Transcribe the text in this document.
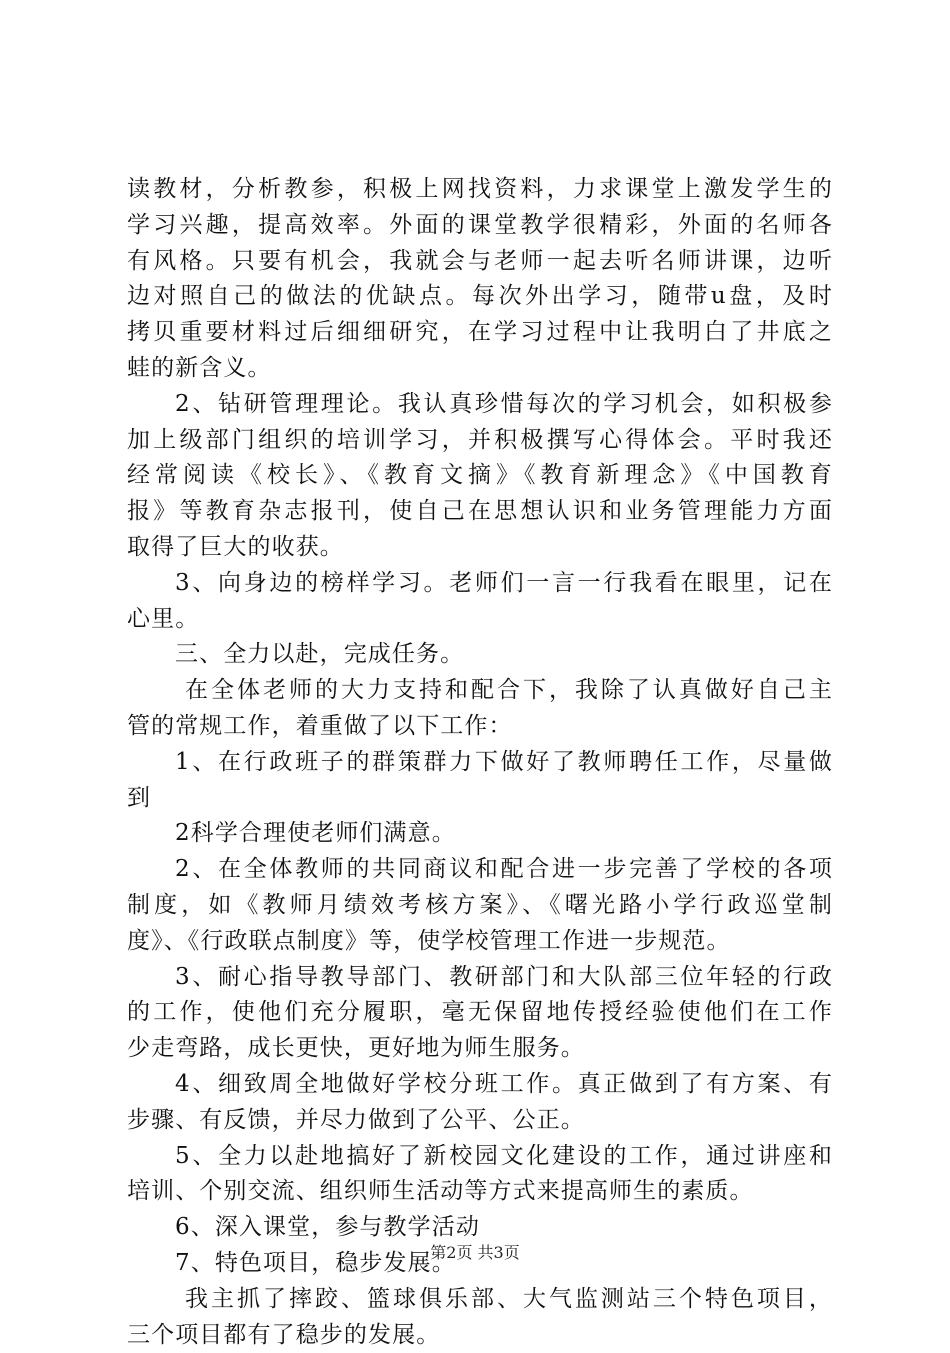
读教材，分析教参，积极上网找资料，力求课堂上激发学生的
学习兴趣，提高效率。外面的课堂教学很精彩，外面的名师各
有风格。只要有机会，我就会与老师一起去听名师讲课，边听
边对照自己的做法的优缺点。每次外出学习，随带u盘，及时
拷贝重要材料过后细细研究，在学习过程中让我明白了井底之
蛙的新含义。
2、钻研管理理论。我认真珍惜每次的学习机会，如积极参
加上级部门组织的培训学习，并积极撰写心得体会。平时我还
经常阅读《校长》、《教育文摘》《教育新理念》《中国教育
报》等教育杂志报刊，使自己在思想认识和业务管理能力方面
取得了巨大的收获。
3、向身边的榜样学习。老师们一言一行我看在眼里，记在
心里。
三、全力以赴，完成任务。
在全体老师的大力支持和配合下，我除了认真做好自己主
管的常规工作，着重做了以下工作：
1、在行政班子的群策群力下做好了教师聘任工作，尽量做
到
2科学合理使老师们满意。
2、在全体教师的共同商议和配合进一步完善了学校的各项
制度，如《教师月绩效考核方案》、《曙光路小学行政巡堂制
度》、《行政联点制度》等，使学校管理工作进一步规范。
3、耐心指导教导部门、教研部门和大队部三位年轻的行政
的工作，使他们充分履职，毫无保留地传授经验使他们在工作
少走弯路，成长更快，更好地为师生服务。
4、细致周全地做好学校分班工作。真正做到了有方案、有
步骤、有反馈，并尽力做到了公平、公正。
5、全力以赴地搞好了新校园文化建设的工作，通过讲座和
培训、个别交流、组织师生活动等方式来提高师生的素质。
6、深入课堂，参与教学活动
7、特色项目，稳步发展。
我主抓了摔跤、篮球俱乐部、大气监测站三个特色项目，
三个项目都有了稳步的发展。
第2页 共3页
